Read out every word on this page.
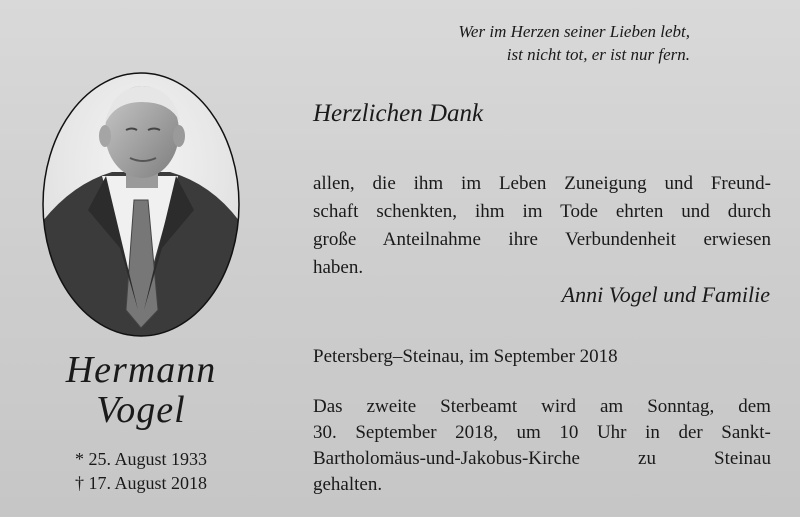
Wer im Herzen seiner Lieben lebt,
ist nicht tot, er ist nur fern.
Herzlichen Dank
allen, die ihm im Leben Zuneigung und Freund-
schaft schenkten, ihm im Tode ehrten und durch
große Anteilnahme ihre Verbundenheit erwiesen
haben.
Anni Vogel und Familie
Petersberg–Steinau, im September 2018
Das zweite Sterbeamt wird am Sonntag, dem
30. September 2018, um 10 Uhr in der Sankt-
Bartholomäus-und-Jakobus-Kirche	zu	Steinau
gehalten.
Hermann
Vogel
* 25. August 1933
† 17. August 2018
